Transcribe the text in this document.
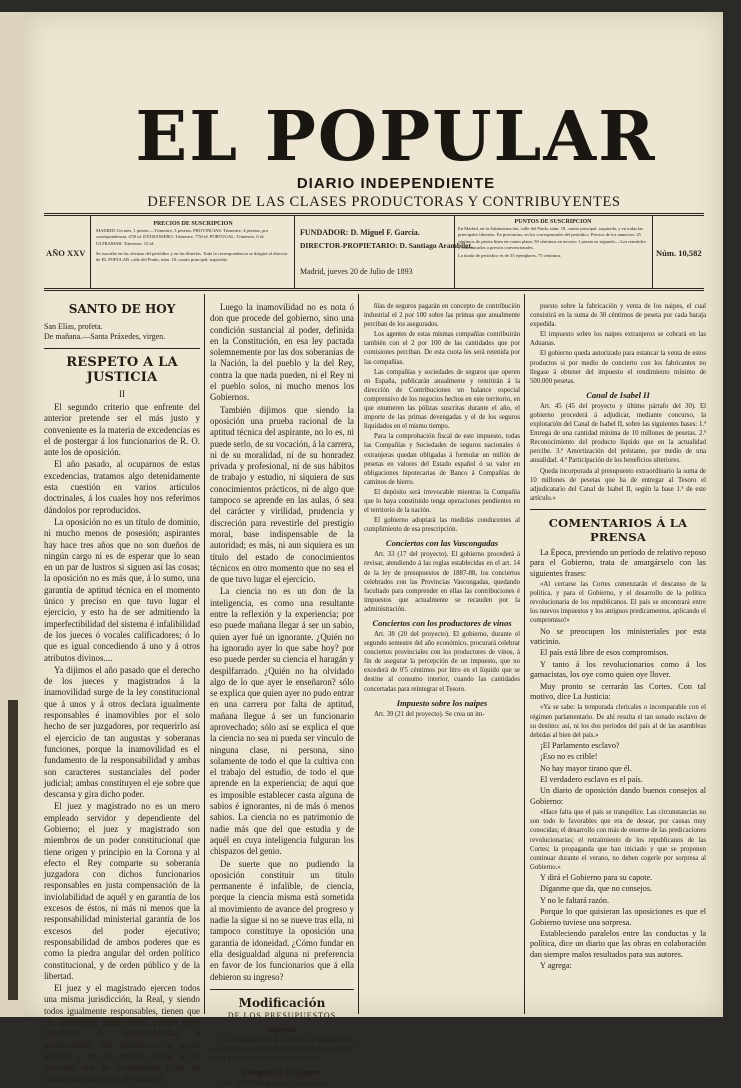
EL POPULAR
DIARIO INDEPENDIENTE
DEFENSOR DE LAS CLASES PRODUCTORAS Y CONTRIBUYENTES
AÑO XXV
PRECIOS DE SUSCRIPCION
MADRID: Un mes, 1 peseta.—Trimestre, 3 pesetas. PROVINCIAS: Trimestre, 4 pesetas, por correspondencia, 4'50 id. EXTRANJERO: Trimestre, 7'50 id. PORTUGAL: Trimestre, 6 id. ULTRAMAR: Trimestre, 15 id.
Se suscribe en las oficinas del periódico y en las librerías. Toda la correspondencia se dirigirá al director de EL POPULAR, calle del Prado, núm. 18, cuarto principal, izquierda.
FUNDADOR: D. Miguel F. García.
DIRECTOR-PROPIETARIO: D. Santiago Arambilet.
Madrid, jueves 20 de Julio de 1893
PUNTOS DE SUSCRIPCION
En Madrid, en la Administración, calle del Prado, núm. 18, cuarto principal, izquierda, y en todas las principales librerías. En provincias, en los corresponsales del periódico. Precios de los anuncios: 25 céntimos de peseta línea en cuarta plana; 50 céntimos en tercera; 1 peseta en segunda.—Los remitidos y comunicados a precios convencionales.
La tirada de periódico es de 35 ejemplares, 75 céntimos.	Núm. 10,582
SANTO DE HOY

San Elías, profeta.

De mañana.—Santa Práxedes, virgen.

RESPETO A LA JUSTICIA
II

El segundo criterio que enfrente del anterior pretende ser el más justo y conveniente es la materia de excedencias es el de postergar á los funcionarios de R. O. ante los de oposición.

El año pasado, al ocuparnos de estas excedencias, tratamos algo detenidamente esta cuestión en varios artículos doctrinales, á los cuales hoy nos referimos dándolos por reproducidos.

La oposición no es un título de dominio, ni mucho menos de posesión; aspirantes hay hace tres años que no son dueños de ningún cargo ni es de esperar que lo sean en un par de lustros si siguen así las cosas; la oposición no es más que, á lo sumo, una garantía de aptitud técnica en el momento único y preciso en que tuvo lugar el ejercicio, y esto ha de ser admitiendo la imperfectibilidad del sistema é infalibilidad de los jueces ó vocales calificadores; ó lo que es igual concediendo á uno y á otros atributos divinos....

Ya dijimos el año pasado que el derecho de los jueces y magistrados á la inamovilidad surge de la ley constitucional que á unos y á otros declara igualmente responsables é inamovibles por el solo hecho de ser juzgadores, por requerirlo así el ejercicio de tan augustas y soberanas funciones, porque la inamovilidad es el fundamento de la responsabilidad y ambas son caracteres sustanciales del poder judicial; ambas constituyen el eje sobre que descansa y gira dicho poder.

El juez y magistrado no es un mero empleado servidor y dependiente del Gobierno; el juez y magistrado son miembros de un poder constitucional que tiene origen y principio en la Corona y al efecto el Rey comparte su soberanía juzgadora con dichos funcionarios responsables en justa compensación de la inviolabilidad de aquél y en garantía de los excesos de éstos, ni más ni menos que la responsabilidad ministerial garantía de los excesos del poder ejecutivo; responsabilidad de ambos poderes que es como la piedra angular del orden político constitucional, y de orden público y de la libertad.

El juez y el magistrado ejercen todos una misma jurisdicción, la Real, y siendo todos igualmente responsables, tienen que ser igualmente inamovibles, porque estos caracteres de responsabilidad é inamovilidad, son sustantivos al poder judicial y no en manera alguna á las personas que lo desempeñan (sino en cuanto son miembros del mismo).

Luego la inamovilidad no es nota ó don que procede del gobierno, sino una condición sustancial al poder, definida en la Constitución, en esa ley pactada solemnemente por las dos soberanías de la Nación, la del pueblo y la del Rey, contra la que nada pueden, ni el Rey ni el pueblo solos, ni mucho menos los Gobiernos.

También dijimos que siendo la oposición una prueba racional de la aptitud técnica del aspirante, no lo es, ni puede serlo, de su vocación, á la carrera, ni de su moralidad, ni de su honradez privada y profesional, ni de sus hábitos de trabajo y estudio, ni siquiera de sus conocimientos prácticos, ni de algo que tampoco se aprende en las aulas, ó sea del carácter y virilidad, prudencia y discreción para revestirle del prestigio moral, base indispensable de la autoridad; es más, ni aun siquiera es un título del estado de conocimientos técnicos en otro momento que no sea el de que tuvo lugar el ejercicio.

La ciencia no es un don de la inteligencia, es como una resultante entre la reflexión y la experiencia; por eso puede mañana llegar á ser un sabio, quien ayer fué un ignorante. ¿Quién no ha ignorado ayer lo que sabe hoy? por eso puede perder su ciencia el haragán y despilfarrado. ¿Quién no ha olvidado algo de lo que ayer le enseñaron? sólo se explica que quien ayer no pudo entrar en una carrera por falta de aptitud, mañana llegue á ser un funcionario aprovechado; sólo así se explica el que la ciencia no sea ni pueda ser vinculo de ninguna clase, ni persona, sino solamente de todo el que la cultiva con el trabajo del estudio, de todo el que aprende en la experiencia; de aquí que es imposible establecer casta alguna de sabios é ignorantes, ni de más ó menos sabios. La ciencia no es patrimonio de nadie más que del que estudia y de aquél en cuya inteligencia fulguran los chispazos del genio.

De suerte que no pudiendo la oposición constituir un título permanente é infalible, de ciencia, porque la ciencia misma está sometida al movimiento de avance del progreso y nadie la sigue si no se nueve tras ella, ni tampoco constituye la oposición una garantía de idoneidad. ¿Cómo fundar en ella desigualdad alguna ni preferencia en favor de los funcionarios que á ella debieron su ingreso?

Modificación
DE LOS PRESUPUESTOS
Ingresos

En el dictamen de la comisión de presupuestos del Congreso aparecen las modificaciones aceptadas por el gobierno, y que son las siguientes:

Compañías de seguros

«Art. 26 (9.º del proyecto). Las compa-

ñías de seguros pagarán en concepto de contribución industrial el 2 por 100 sobre las primas que anualmente perciban de los asegurados.

Los agentes de estas mismas compañías contribuirán también con el 2 por 100 de las cantidades que por comisiones perciban. De esta cuota les será retenida por las compañías.

Las compañías y sociedades de seguros que operen en España, publicarán anualmente y remitirán á la dirección de Contribuciones un balance especial comprensivo de los negocios hechos en este territorio, en que enumeren las pólizas suscritas durante el año, el importe de las primas devengadas y el de los seguros liquidados en el mismo tiempo.

Para la comprobación fiscal de este impuesto, todas las Compañías y Sociedades de seguros nacionales ó extranjeras quedan obligadas á formular un millón de pesetas en valores del Estado español ó su valor en obligaciones hipotecarias de Banco á Compañías de caminos de hierro.

El depósito será irrevocable mientras la Compañía que lo haya constituido tenga operaciones pendientes en el territorio de la nación.

El gobierno adoptará las medidas conducentes al cumplimiento de esa prescripción.

Conciertos con las Vascongadas

Art. 33 (17 del proyecto). El gobierno procederá á revisar, atendiendo á las reglas establecidas en el art. 14 de la ley de presupuestos de 1887-88, los conciertos celebrados con las Provincias Vascongadas, quedando facultado para comprender en ellas las contribuciones é impuestos que actualmente se recauden por la administración.

Conciertos con los productores de vinos

Art. 38 (20 del proyecto). El gobierno, durante el segundo semestre del año económico, procurará celebrar conciertos provinciales con los productores de vinos, á fin de asegurar la percepción de un impuesto, que no excederá de 0'5 céntimos por litro en el líquido que se destine al consumo interior, cuando las cantidades concertadas para reintegrar el Tesoro.

Impuesto sobre los naipes

Art. 39 (21 del proyecto). Se crea un im-

puesto sobre la fabricación y venta de los naipes, el cual consistirá en la suma de 30 céntimos de peseta por cada baraja expedida.

El impuesto sobre los naipes extranjeros se cobrará en las Aduanas.

El gobierno queda autorizado para estancar la venta de estos productos si por medio de concierto con los fabricantes no llegase á obtener del impuesto el rendimiento mínimo de 500.000 pesetas.

Canal de Isabel II

Art. 45 (45 del proyecto y último párrafo del 30). El gobierno procederá á adjudicar, mediante concurso, la explotación del Canal de Isabel II, sobre las siguientes bases: 1.ª Entrega de una cantidad mínima de 10 millones de pesetas. 2.ª Reconocimiento del producto líquido que en la actualidad percibe. 3.ª Amortización del préstamo, por medio de una anualidad. 4.ª Participación de los beneficios ulteriores.

Queda incorporada al presupuesto extraordinario la suma de 10 millones de pesetas que ha de entregar al Tesoro el adjudicatario del Canal de Isabel II, según la base 1.ª de este artículo.»

COMENTARIOS Á LA PRENSA

La Época, previendo un período de relativo reposo para el Gobierno, trata de amargárselo con las siguientes frases:

«Al cerrarse las Cortes comenzarán el descanso de la política, y para el Gobierno, y el desarrollo de la política revolucionaria de los republicanos. El país se encontrará entre los nuevos impuestos y los antiguos predicamentos, aplicando el compromiso!»

No se preocupen los ministeriales por esta vaticinio.

El país está libre de esos compromisos.

Y tanto á los revolucionarios como á los gamacistas, los oye como quien oye llover.

Muy pronto se cerrarán las Cortes. Con tal motivo, dice La Justicia:

«Ya se sabe: la temporada clericales o incomparable con el régimen parlamentario. De ahí resulta el tan sonado esclavo de su destino: así, ni los dos períodos del país al de las asambleas debidas al bien del país.»

¡El Parlamento esclavo?

¡Eso no es crible!

No hay mayor tirano que él.

El verdadero esclavo es el país.

Un diario de oposición dando buenos consejos al Gobierno:

«Hace falta que el país se tranquilice. Las circunstancias no son todo lo favorables que era de desear, por causas muy conocidas; el desarrollo con más de enorme de las predicaciones revolucionarias; el retraimiento de los republicanos de las Cortes; la propaganda que han iniciado y que se proponen continuar durante el verano, no deben cogerle por sorpresa al Gobierno.»

Y dirá el Gobierno para su capote.

Díganme que da, que no consejos.

Y no le faltará razón.

Porque lo que quisieran las oposiciones es que el Gobierno tuviese una sorpresa.

Estableciendo paralelos entre las conductas y la política, dice un diario que las obras en colaboración dan siempre malos resultados para sus autores.

Y agrega:
